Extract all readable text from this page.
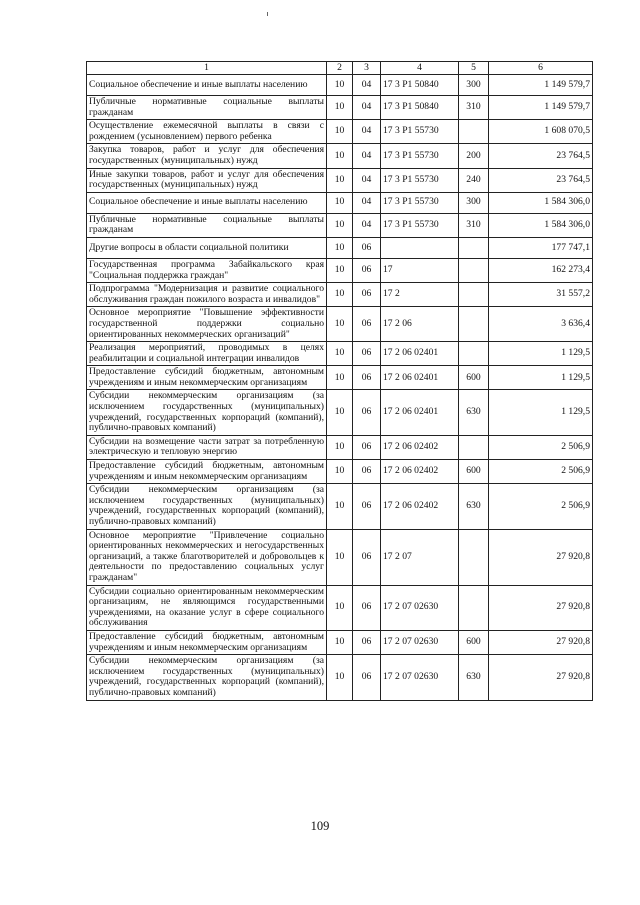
1	2	3	4	5	6
Социальное обеспечение и иные выплаты населению	10	04	17 3 P1 50840	300	1 149 579,7
Публичные нормативные социальные выплаты гражданам	10	04	17 3 P1 50840	310	1 149 579,7
Осуществление ежемесячной выплаты в связи с рождением (усыновлением) первого ребенка	10	04	17 3 P1 55730		1 608 070,5
Закупка товаров, работ и услуг для обеспечения государственных (муниципальных) нужд	10	04	17 3 P1 55730	200	23 764,5
Иные закупки товаров, работ и услуг для обеспечения государственных (муниципальных) нужд	10	04	17 3 P1 55730	240	23 764,5
Социальное обеспечение и иные выплаты населению	10	04	17 3 P1 55730	300	1 584 306,0
Публичные нормативные социальные выплаты гражданам	10	04	17 3 P1 55730	310	1 584 306,0
Другие вопросы в области социальной политики	10	06			177 747,1
Государственная программа Забайкальского края "Социальная поддержка граждан"	10	06	17		162 273,4
Подпрограмма "Модернизация и развитие социального обслуживания граждан пожилого возраста и инвалидов"	10	06	17 2		31 557,2
Основное мероприятие "Повышение эффективности государственной поддержки социально ориентированных некоммерческих организаций"	10	06	17 2 06		3 636,4
Реализация мероприятий, проводимых в целях реабилитации и социальной интеграции инвалидов	10	06	17 2 06 02401		1 129,5
Предоставление субсидий бюджетным, автономным учреждениям и иным некоммерческим организациям	10	06	17 2 06 02401	600	1 129,5
Субсидии некоммерческим организациям (за исключением государственных (муниципальных) учреждений, государственных корпораций (компаний), публично-правовых компаний)	10	06	17 2 06 02401	630	1 129,5
Субсидии на возмещение части затрат за потребленную электрическую и тепловую энергию	10	06	17 2 06 02402		2 506,9
Предоставление субсидий бюджетным, автономным учреждениям и иным некоммерческим организациям	10	06	17 2 06 02402	600	2 506,9
Субсидии некоммерческим организациям (за исключением государственных (муниципальных) учреждений, государственных корпораций (компаний), публично-правовых компаний)	10	06	17 2 06 02402	630	2 506,9
Основное мероприятие "Привлечение социально ориентированных некоммерческих и негосударственных организаций, а также благотворителей и добровольцев к деятельности по предоставлению социальных услуг гражданам"	10	06	17 2 07		27 920,8
Субсидии социально ориентированным некоммерческим организациям, не являющимся государственными учреждениями, на оказание услуг в сфере социального обслуживания	10	06	17 2 07 02630		27 920,8
Предоставление субсидий бюджетным, автономным учреждениям и иным некоммерческим организациям	10	06	17 2 07 02630	600	27 920,8
Субсидии некоммерческим организациям (за исключением государственных (муниципальных) учреждений, государственных корпораций (компаний), публично-правовых компаний)	10	06	17 2 07 02630	630	27 920,8
109
